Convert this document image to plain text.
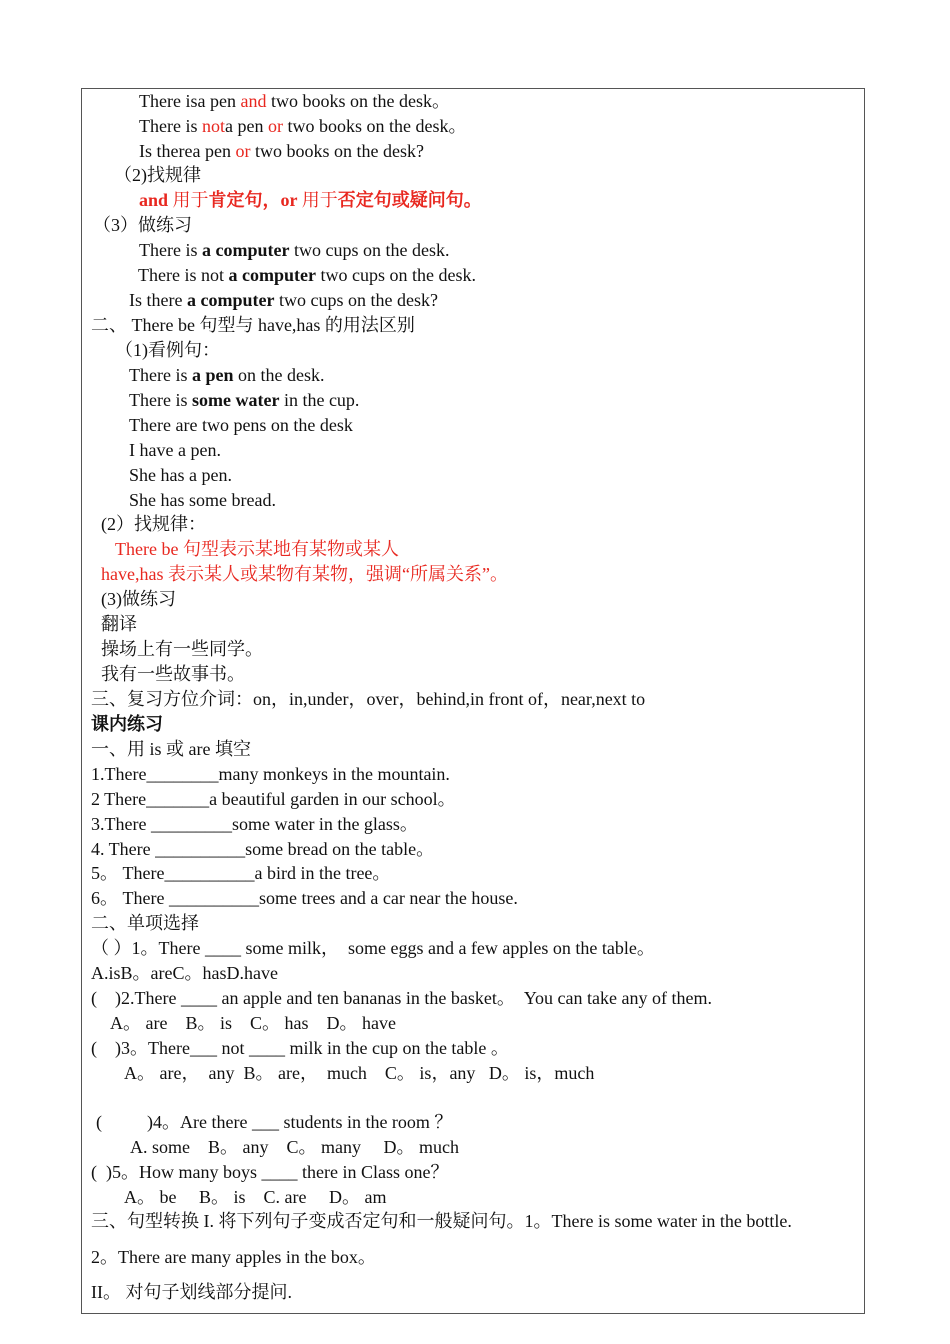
There isa pen and two books on the desk。
There is nota pen or two books on the desk。
Is therea pen or two books on the desk?
（2)找规律
and 用于肯定句，or 用于否定句或疑问句。
（3）做练习
There is a computer two cups on the desk.
There is not a computer two cups on the desk.
Is there a computer two cups on the desk?
二、 There be 句型与 have,has 的用法区别
（1)看例句：
There is a pen on the desk.
There is some water in the cup.
There are two pens on the desk
I have a pen.
She has a pen.
She has some bread.
(2）找规律：
There be 句型表示某地有某物或某人
have,has 表示某人或某物有某物，强调“所属关系”。
(3)做练习
翻译
操场上有一些同学。
我有一些故事书。
三、复习方位介词：on，in,under，over，behind,in front of，near,next to
课内练习
一、用 is 或 are 填空
1.There________many monkeys in the mountain.
2 There_______a beautiful garden in our school。
3.There _________some water in the glass。
4. There __________some bread on the table。
5。 There__________a bird in the tree。
6。 There __________some trees and a car near the house.
二、单项选择
（ ）1。There ____ some milk，  some eggs and a few apples on the table。
A.isB。areC。hasD.have
(    )2.There ____ an apple and ten bananas in the basket。  You can take any of them.
A。 are    B。 is    C。 has    D。 have
(    )3。There___ not ____ milk in the cup on the table 。
A。 are，  any  B。 are，  much    C。 is，any   D。 is，much
(          )4。Are there ___ students in the room ？
A. some    B。 any    C。 many     D。 much
(  )5。How many boys ____ there in Class one？
A。 be     B。 is    C. are     D。 am
三、句型转换 I. 将下列句子变成否定句和一般疑问句。1。There is some water in the bottle.
2。There are many apples in the box。
II。 对句子划线部分提问.
